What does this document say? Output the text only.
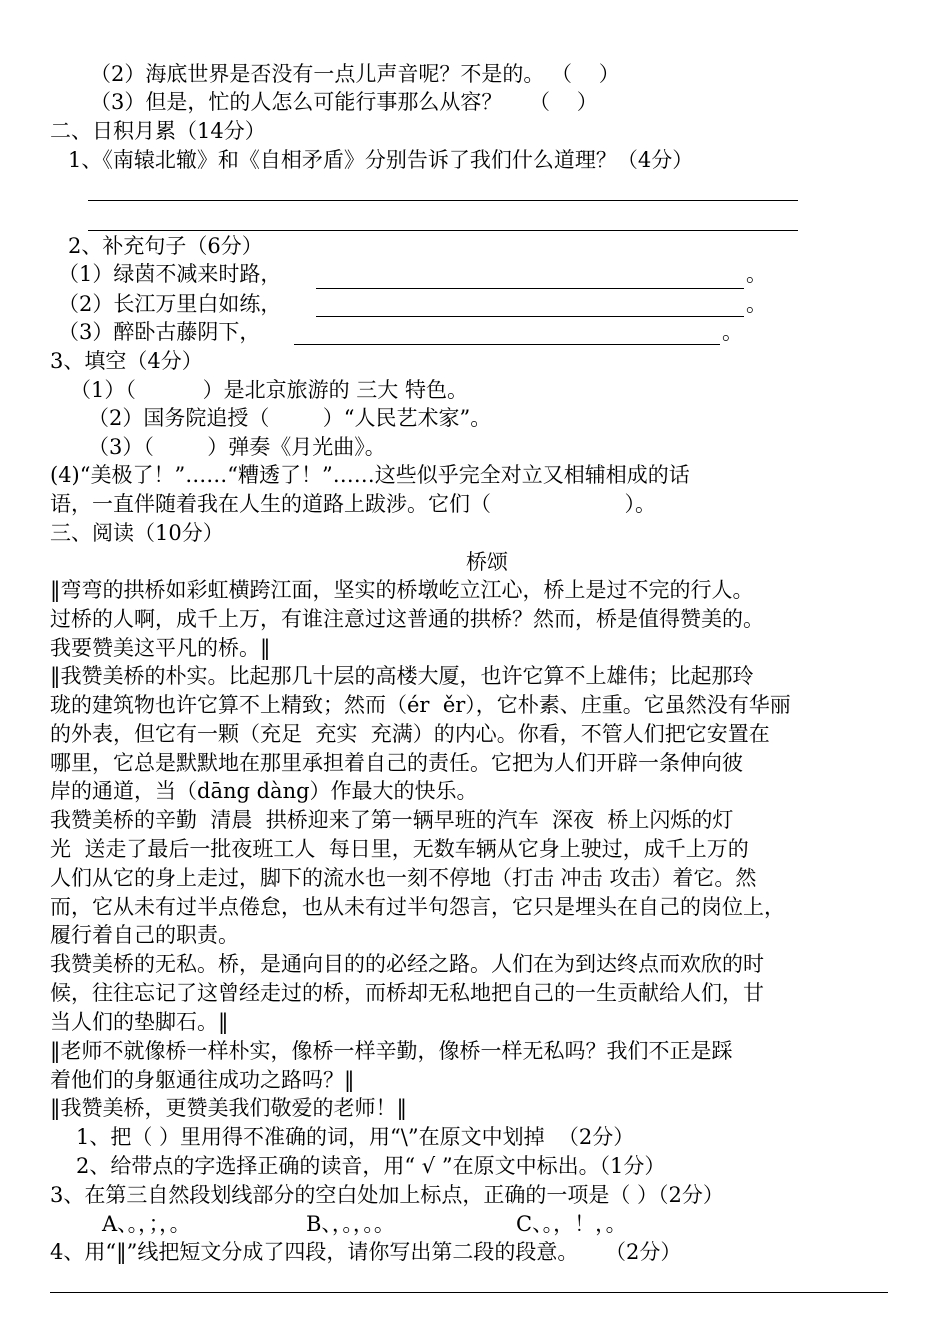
（2）海底世界是否没有一点儿声音呢？不是的。 （    ）
（3）但是，忙的人怎么可能行事那么从容？    （    ）
二、日积月累（14分）
1、《南辕北辙》和《自相矛盾》分别告诉了我们什么道理？（4分）
2、补充句子（6分）
（1）绿茵不减来时路，	。
（2）长江万里白如练，	。
（3）醉卧古藤阴下，	。
3、填空（4分）
（1）（          ）是北京旅游的 三大 特色。
（2）国务院追授（        ）“人民艺术家”。
（3）（        ）弹奏《月光曲》。
(4)“美极了！”……“糟透了！”……这些似乎完全对立又相辅相成的话
语，一直伴随着我在人生的道路上跋涉。它们（                    ）。
三、阅读（10分）
桥颂
‖弯弯的拱桥如彩虹横跨江面，坚实的桥墩屹立江心，桥上是过不完的行人。
过桥的人啊，成千上万，有谁注意过这普通的拱桥？然而，桥是值得赞美的。
我要赞美这平凡的桥。‖
‖我赞美桥的朴实。比起那几十层的高楼大厦，也许它算不上雄伟；比起那玲
珑的建筑物也许它算不上精致；然而（ér  ěr），它朴素、庄重。它虽然没有华丽
的外表，但它有一颗（充足  充实  充满）的内心。你看，不管人们把它安置在
哪里，它总是默默地在那里承担着自己的责任。它把为人们开辟一条伸向彼
岸的通道，当（dāng dàng）作最大的快乐。
我赞美桥的辛勤  清晨  拱桥迎来了第一辆早班的汽车  深夜  桥上闪烁的灯
光  送走了最后一批夜班工人  每日里，无数车辆从它身上驶过，成千上万的
人们从它的身上走过，脚下的流水也一刻不停地（打击 冲击 攻击）着它。然
而，它从未有过半点倦怠，也从未有过半句怨言，它只是埋头在自己的岗位上，
履行着自己的职责。
我赞美桥的无私。桥，是通向目的的必经之路。人们在为到达终点而欢欣的时
候，往往忘记了这曾经走过的桥，而桥却无私地把自己的一生贡献给人们，甘
当人们的垫脚石。‖
‖老师不就像桥一样朴实，像桥一样辛勤，像桥一样无私吗？我们不正是踩
着他们的身躯通往成功之路吗？‖
‖我赞美桥，更赞美我们敬爱的老师！‖
1、把（ ）里用得不准确的词，用“\”在原文中划掉  （2分）
2、给带点的字选择正确的读音，用“ √ ”在原文中标出。（1分）
3、在第三自然段划线部分的空白处加上标点，正确的一项是（ ）（2分）
A、。，；，。	B、，。，。。	C、。，！，。
4、用“‖”线把短文分成了四段，请你写出第二段的段意。    （2分）
